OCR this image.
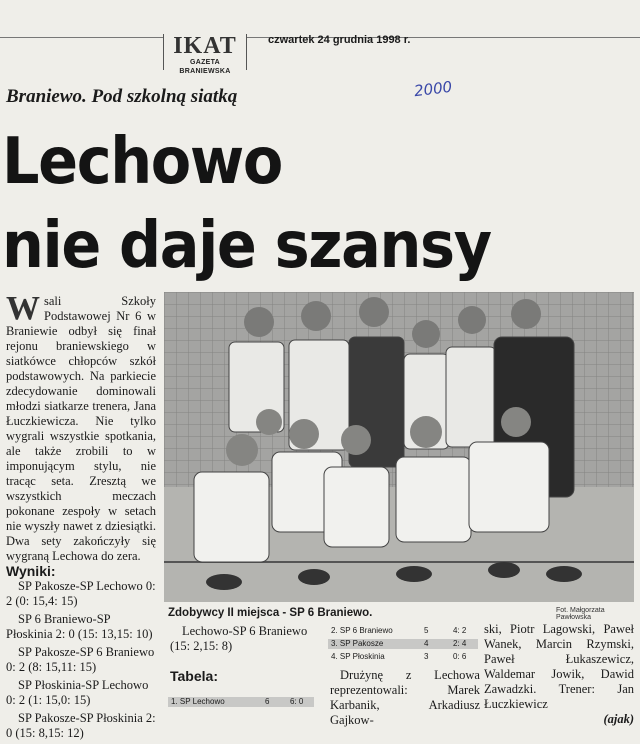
IKAT
GAZETA BRANIEWSKA
czwartek 24 grudnia 1998 r.
2000
Braniewo. Pod szkolną siatką
Lechowo
nie daje szansy
Wsali Szkoły Podstawowej Nr 6 w Braniewie odbył się finał rejonu braniewskiego w siatkówce chłopców szkół podstawowych. Na parkiecie zdecydowanie dominowali młodzi siatkarze trenera, Jana Łuczkiewicza. Nie tylko wygrali wszystkie spotkania, ale także zrobili to w imponującym stylu, nie tracąc seta. Zresztą we wszystkich meczach pokonane zespoły w setach nie wyszły nawet z dziesiątki. Dwa sety zakończyły się wygraną Lechowa do zera.
Wyniki:
SP Pakosze-SP Lechowo 0: 2 (0: 15,4: 15)
SP 6 Braniewo-SP Płoskinia 2: 0 (15: 13,15: 10)
SP Pakosze-SP 6 Braniewo 0: 2 (8: 15,11: 15)
SP Płoskinia-SP Lechowo 0: 2 (1: 15,0: 15)
SP Pakosze-SP Płoskinia 2: 0 (15: 8,15: 12)
Fot. Małgorzata Pawłowska
Zdobywcy II miejsca - SP 6 Braniewo.
Lechowo-SP 6 Braniewo (15: 2,15: 8)
Tabela:
1. SP Lechowo	6	6: 0
2. SP 6 Braniewo	5	4: 2
3. SP Pakosze	4	2: 4
4. SP Płoskinia	3	0: 6
Drużynę z Lechowa reprezentowali: Marek Karbanik, Arkadiusz Gajkow-
ski, Piotr Lagowski, Paweł Wanek, Marcin Rzymski, Paweł Łukaszewicz, Waldemar Jowik, Dawid Zawadzki. Trener: Jan Łuczkiewicz
(ajak)
